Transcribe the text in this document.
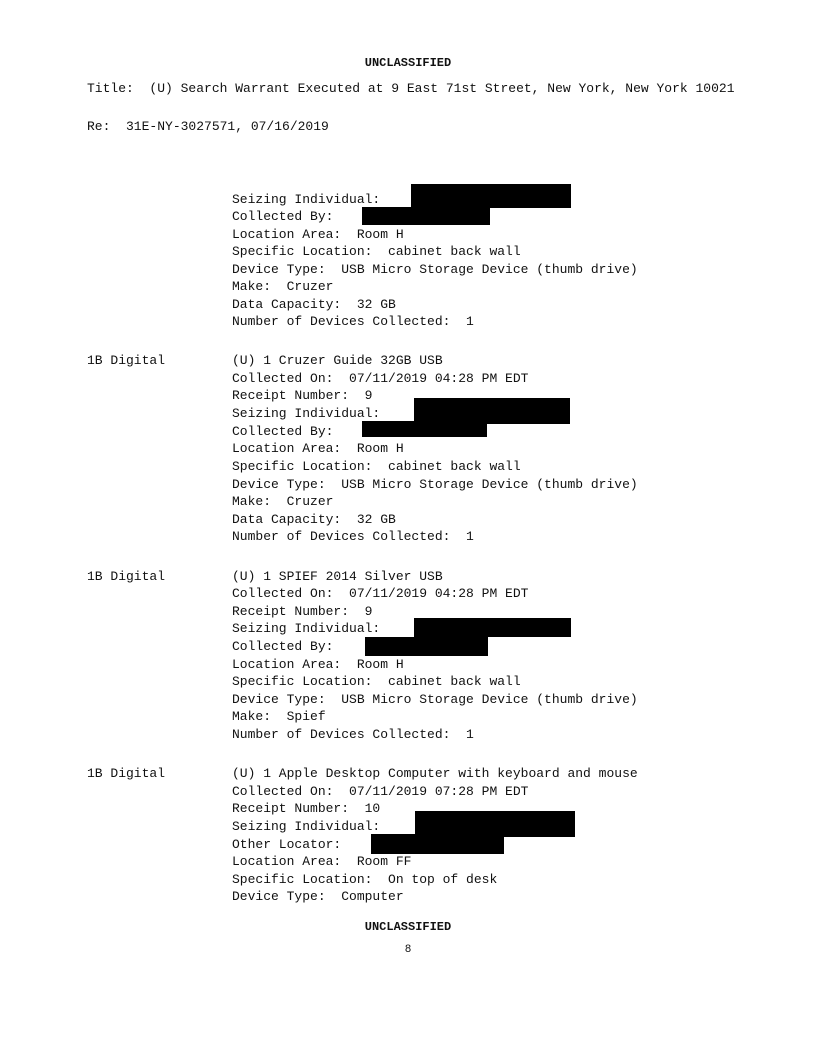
UNCLASSIFIED
Title:  (U) Search Warrant Executed at 9 East 71st Street, New York, New York 10021
Re:  31E-NY-3027571, 07/16/2019
Seizing Individual:
Collected By:
Location Area:  Room H
Specific Location:  cabinet back wall
Device Type:  USB Micro Storage Device (thumb drive)
Make:  Cruzer
Data Capacity:  32 GB
Number of Devices Collected:  1
1B Digital	(U) 1 Cruzer Guide 32GB USB
Collected On:  07/11/2019 04:28 PM EDT
Receipt Number:  9
Seizing Individual:
Collected By:
Location Area:  Room H
Specific Location:  cabinet back wall
Device Type:  USB Micro Storage Device (thumb drive)
Make:  Cruzer
Data Capacity:  32 GB
Number of Devices Collected:  1
1B Digital	(U) 1 SPIEF 2014 Silver USB
Collected On:  07/11/2019 04:28 PM EDT
Receipt Number:  9
Seizing Individual:
Collected By:
Location Area:  Room H
Specific Location:  cabinet back wall
Device Type:  USB Micro Storage Device (thumb drive)
Make:  Spief
Number of Devices Collected:  1
1B Digital	(U) 1 Apple Desktop Computer with keyboard and mouse
Collected On:  07/11/2019 07:28 PM EDT
Receipt Number:  10
Seizing Individual:
Other Locator:
Location Area:  Room FF
Specific Location:  On top of desk
Device Type:  Computer
UNCLASSIFIED
8
